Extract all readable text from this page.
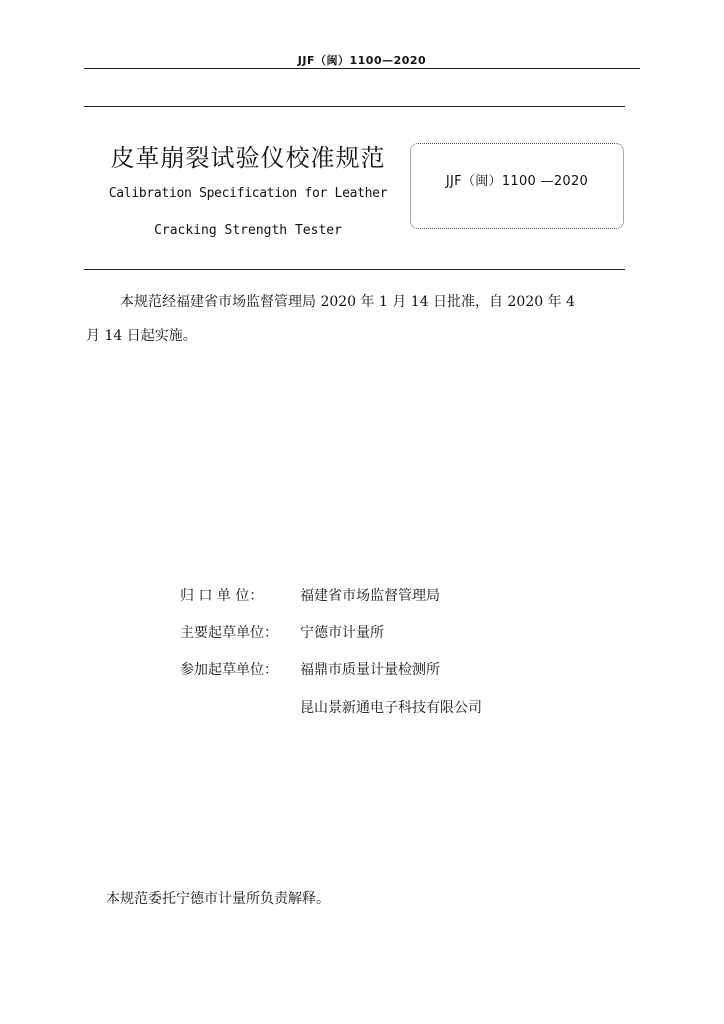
JJF（闽）1100—2020
皮革崩裂试验仪校准规范
Calibration Specification for Leather
Cracking Strength Tester
JJF（闽）1100 —2020
本规范经福建省市场监督管理局 2020 年 1 月 14 日批准，自 2020 年 4
月 14 日起实施。
归 口 单 位：	福建省市场监督管理局
主要起草单位： 宁德市计量所
参加起草单位： 福鼎市质量计量检测所
昆山景新通电子科技有限公司
本规范委托宁德市计量所负责解释。
